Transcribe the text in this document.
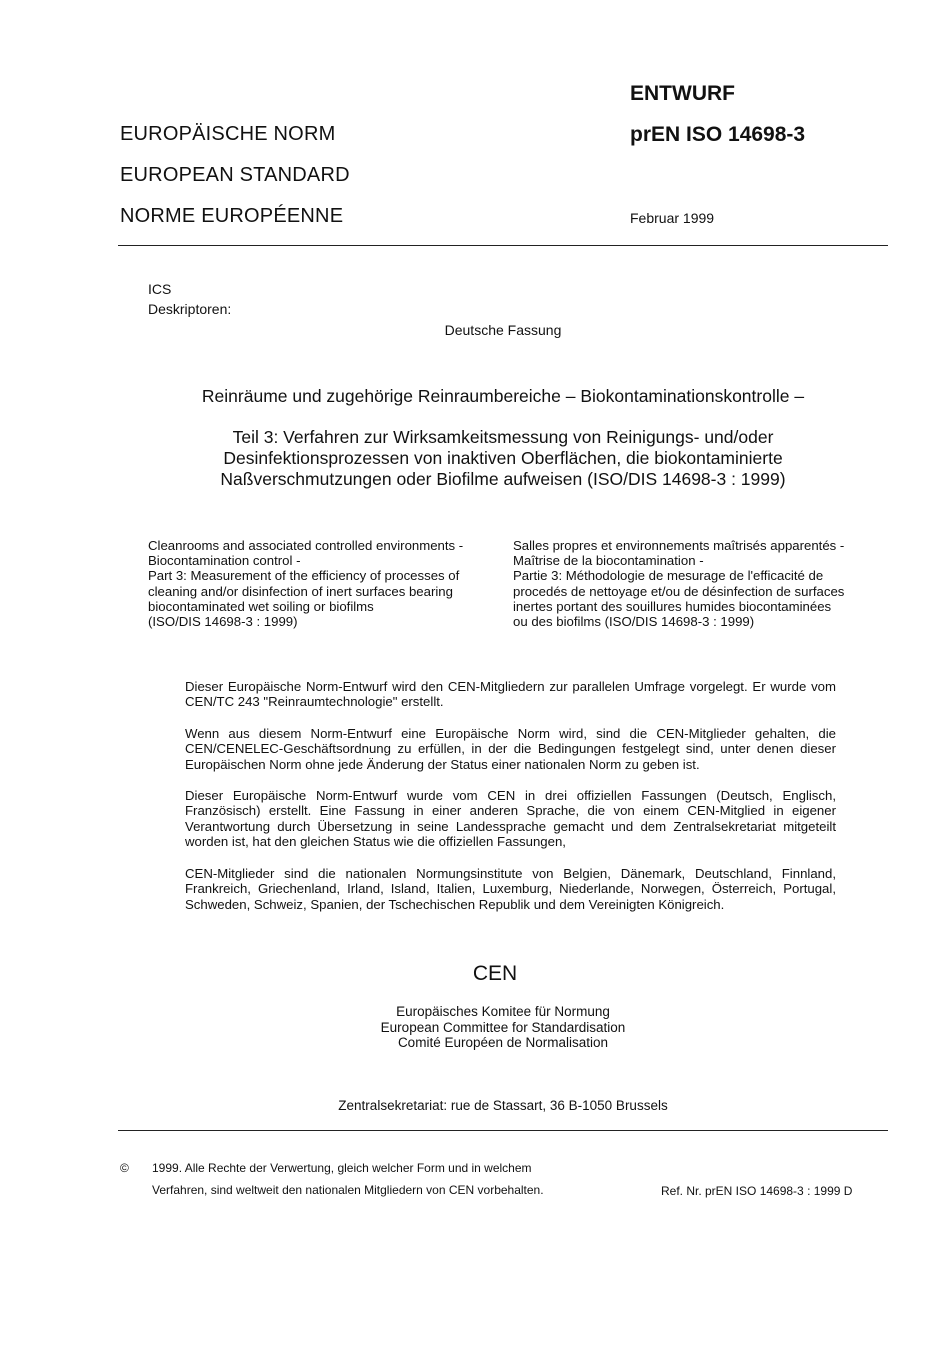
ENTWURF
EUROPÄISCHE NORM	prEN ISO 14698-3
EUROPEAN STANDARD
NORME EUROPÉENNE	Februar 1999
ICS
Deskriptoren:
Deutsche Fassung
Reinräume und zugehörige Reinraumbereiche – Biokontaminationskontrolle –
Teil 3: Verfahren zur Wirksamkeitsmessung von Reinigungs- und/oder
Desinfektionsprozessen von inaktiven Oberflächen, die biokontaminierte
Naßverschmutzungen oder Biofilme aufweisen (ISO/DIS 14698-3 : 1999)
Cleanrooms and associated controlled environments -
Biocontamination control -
Part 3: Measurement of the efficiency of processes of
cleaning and/or disinfection of inert surfaces bearing
biocontaminated wet soiling or biofilms
(ISO/DIS 14698-3 : 1999)
Salles propres et environnements maîtrisés apparentés -
Maîtrise de la biocontamination -
Partie 3: Méthodologie de mesurage de l'efficacité de
procedés de nettoyage et/ou de désinfection de surfaces
inertes portant des souillures humides biocontaminées
ou des biofilms (ISO/DIS 14698-3 : 1999)
Dieser Europäische Norm-Entwurf wird den CEN-Mitgliedern zur parallelen Umfrage vorgelegt. Er wurde vom CEN/TC 243 "Reinraumtechnologie" erstellt.
Wenn aus diesem Norm-Entwurf eine Europäische Norm wird, sind die CEN-Mitglieder gehalten, die CEN/CENELEC-Geschäftsordnung zu erfüllen, in der die Bedingungen festgelegt sind, unter denen dieser Europäischen Norm ohne jede Änderung der Status einer nationalen Norm zu geben ist.
Dieser Europäische Norm-Entwurf wurde vom CEN in drei offiziellen Fassungen (Deutsch, Englisch, Französisch) erstellt. Eine Fassung in einer anderen Sprache, die von einem CEN-Mitglied in eigener Verantwortung durch Übersetzung in seine Landessprache gemacht und dem Zentralsekretariat mitgeteilt worden ist, hat den gleichen Status wie die offiziellen Fassungen,
CEN-Mitglieder sind die nationalen Normungsinstitute von Belgien, Dänemark, Deutschland, Finnland, Frankreich, Griechenland, Irland, Island, Italien, Luxemburg, Niederlande, Norwegen, Österreich, Portugal, Schweden, Schweiz, Spanien, der Tschechischen Republik und dem Vereinigten Königreich.
CEN
Europäisches Komitee für Normung
European Committee for Standardisation
Comité Européen de Normalisation
Zentralsekretariat: rue de Stassart, 36 B-1050 Brussels
© 1999. Alle Rechte der Verwertung, gleich welcher Form und in welchem
Verfahren, sind weltweit den nationalen Mitgliedern von CEN vorbehalten.	Ref. Nr. prEN ISO 14698-3 : 1999 D
